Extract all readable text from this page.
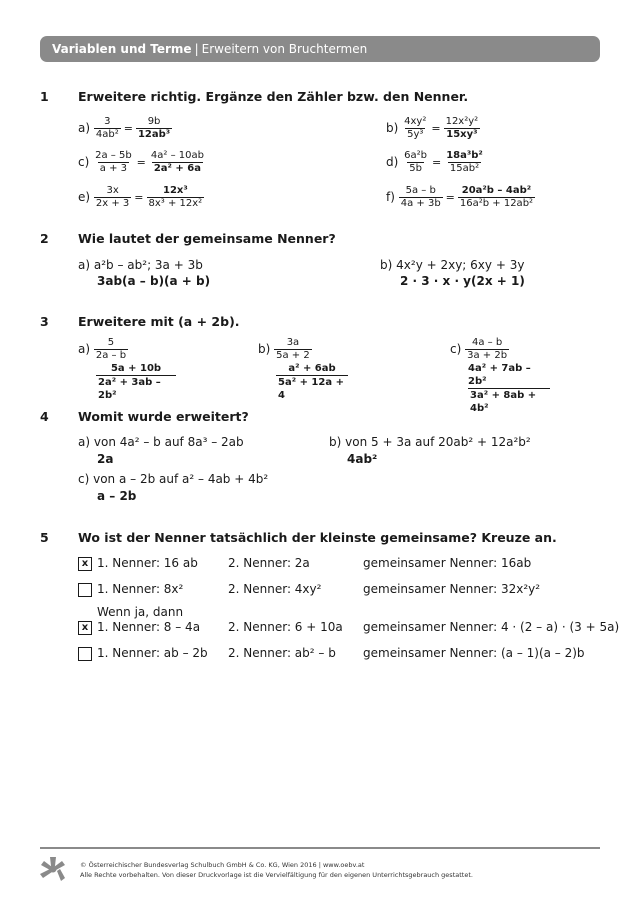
Variablen und Terme | Erweitern von Bruchtermen
1 Erweitere richtig. Ergänze den Zähler bzw. den Nenner.
$a) \frac{3}{\text{4ab²}} = \frac{9b}{\text{12ab³}}$	$b) \frac{\text{4xy²}}{\text{5y³}} = \frac{\text{12x²y²}}{\text{15xy³}}$
$c) \frac{2a - 5b}{a + 3} = \frac{\text{4a² – 10ab}}{\text{2a² + 6a}}$	$d) \frac{\text{6a²b}}{5b} = \frac{\text{18a³b²}}{\text{15ab²}}$
$e) \frac{3x}{2x + 3} = \frac{\text{12x³}}{\text{8x³ + 12x²}}$	$f) \frac{5a - b}{4a + 3b} = \frac{\text{20a²b – 4ab²}}{\text{16a²b + 12ab²}}$
2 Wie lautet der gemeinsame Nenner?
a) a²b – ab²; 3a + 3b
3ab(a – b)(a + b)
b) 4x²y + 2xy; 6xy + 3y
2 · 3 · x · y(2x + 1)
3 Erweitere mit (a + 2b).
$a) \frac{5}{2a - b}$
$\frac{5a + 10b}{\text{2a² + 3ab – 2b²}}$
$b) \frac{3a}{5a + 2}$
$\frac{\text{a² + 6ab}}{\text{5a² + 12a + 4}}$
$c) \frac{4a - b}{3a + 2b}$
$\frac{\text{4a² + 7ab – 2b²}}{\text{3a² + 8ab + 4b²}}$
4 Womit wurde erweitert?
a) von 4a² – b auf 8a³ – 2ab
2a
b) von 5 + 3a auf 20ab² + 12a²b²
4ab²
c) von a – 2b auf a² – 4ab + 4b²
a – 2b
5 Wo ist der Nenner tatsächlich der kleinste gemeinsame? Kreuze an.
x 1. Nenner: 16 ab	2. Nenner: 2a	gemeinsamer Nenner: 16ab
1. Nenner: 8x²	2. Nenner: 4xy²	gemeinsamer Nenner: 32x²y²
Wenn ja, dann
x 1. Nenner: 8 – 4a 2. Nenner: 6 + 10a gemeinsamer Nenner: 4 · (2 – a) · (3 + 5a)
1. Nenner: ab – 2b 2. Nenner: ab² – b gemeinsamer Nenner: (a – 1)(a – 2)b
© Österreichischer Bundesverlag Schulbuch GmbH & Co. KG, Wien 2016 | www.oebv.at
Alle Rechte vorbehalten. Von dieser Druckvorlage ist die Vervielfältigung für den eigenen Unterrichtsgebrauch gestattet.
